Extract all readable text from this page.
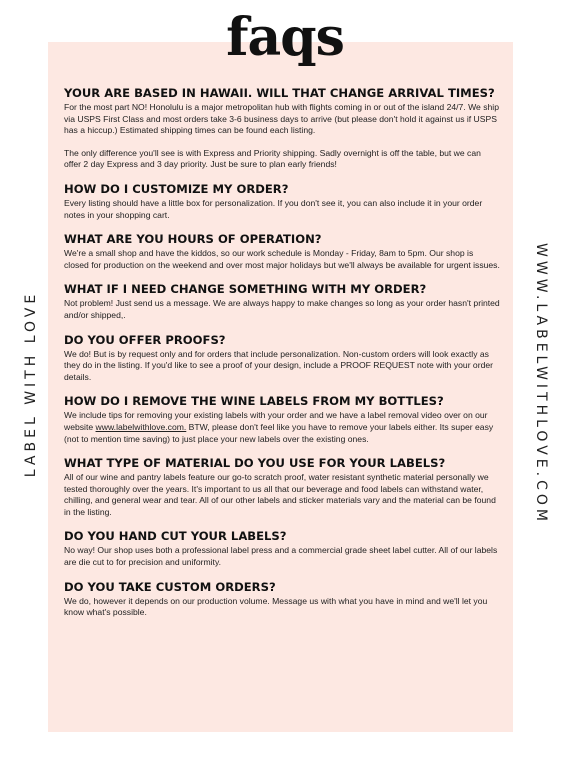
faqs
LABEL WITH LOVE	WWW.LABELWITHLOVE.COM

YOUR ARE BASED IN HAWAII. WILL THAT CHANGE ARRIVAL TIMES?

For the most part NO! Honolulu is a major metropolitan hub with flights coming in or out of the island 24/7. We ship via USPS First Class and most orders take 3-6 business days to arrive (but please don't hold it against us if USPS has a hiccup.) Estimated shipping times can be found each listing.

The only difference you'll see is with Express and Priority shipping. Sadly overnight is off the table, but we can offer 2 day Express and 3 day priority. Just be sure to plan early friends!

HOW DO I CUSTOMIZE MY ORDER?

Every listing should have a little box for personalization. If you don't see it, you can also include it in your order notes in your shopping cart.

WHAT ARE YOU HOURS OF OPERATION?

We're a small shop and have the kiddos, so our work schedule is Monday - Friday, 8am to 5pm. Our shop is closed for production on the weekend and over most major holidays but we'll always be available for urgent issues.

WHAT IF I NEED CHANGE SOMETHING WITH MY ORDER?

Not problem! Just send us a message. We are always happy to make changes so long as your order hasn't printed and/or shipped,.

DO YOU OFFER PROOFS?

We do! But is by request only and for orders that include personalization. Non-custom orders will look exactly as they do in the listing. If you'd like to see a proof of your design, include a PROOF REQUEST note with your order details.

HOW DO I REMOVE THE WINE LABELS FROM MY BOTTLES?

We include tips for removing your existing labels with your order and we have a label removal video over on our website www.labelwithlove.com. BTW, please don't feel like you have to remove your labels either. Its super easy (not to mention time saving) to just place your new labels over the existing ones.

WHAT TYPE OF MATERIAL DO YOU USE FOR YOUR LABELS?

All of our wine and pantry labels feature our go-to scratch proof, water resistant synthetic material personally we tested thoroughly over the years. It's important to us all that our beverage and food labels can withstand water, chilling, and general wear and tear. All of our other labels and sticker materials vary and the material can be found in the listing.

DO YOU HAND CUT YOUR LABELS?

No way! Our shop uses both a professional label press and a commercial grade sheet label cutter. All of our labels are die cut to for precision and uniformity.

DO YOU TAKE CUSTOM ORDERS?

We do, however it depends on our production volume. Message us with what you have in mind and we'll let you know what's possible.
